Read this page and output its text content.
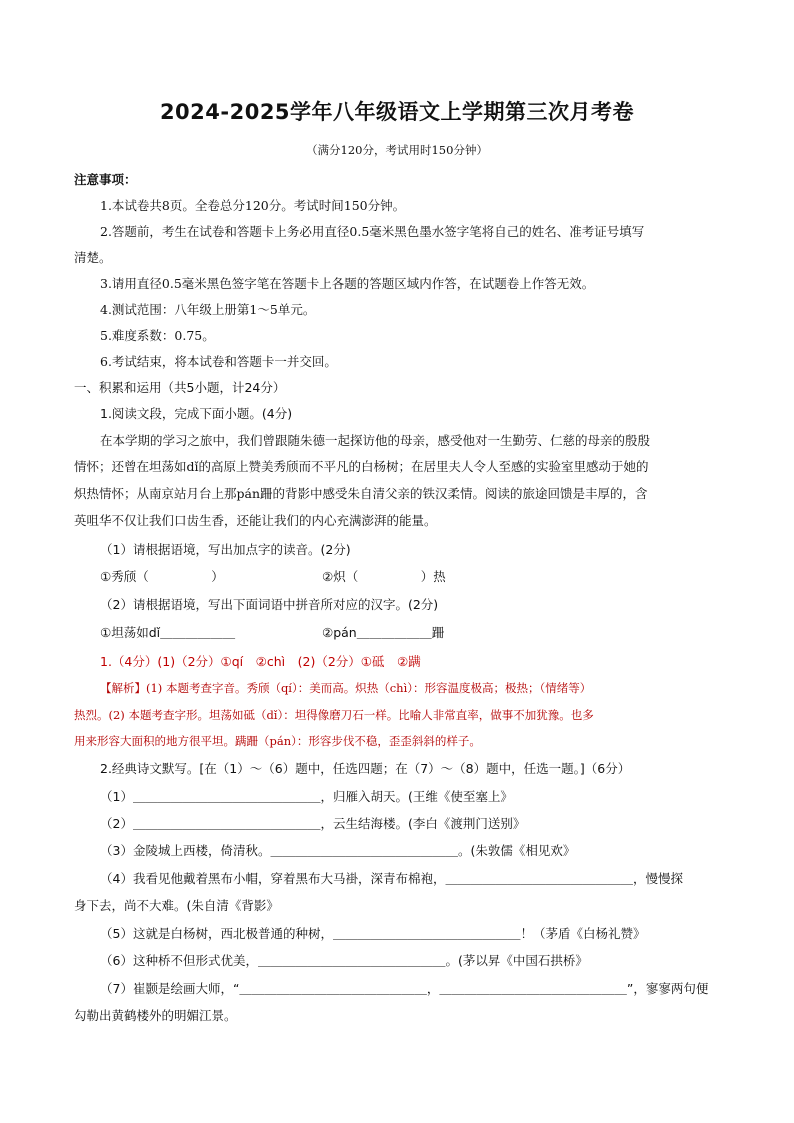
2024-2025学年八年级语文上学期第三次月考卷
（满分120分，考试用时150分钟）
注意事项：
1.本试卷共8页。全卷总分120分。考试时间150分钟。
2.答题前，考生在试卷和答题卡上务必用直径0.5毫米黑色墨水签字笔将自己的姓名、准考证号填写
清楚。
3.请用直径0.5毫米黑色签字笔在答题卡上各题的答题区域内作答，在试题卷上作答无效。
4.测试范围：八年级上册第1～5单元。
5.难度系数：0.75。
6.考试结束，将本试卷和答题卡一并交回。
一、积累和运用（共5小题，计24分）
1.阅读文段，完成下面小题。(4分)
在本学期的学习之旅中，我们曾跟随朱德一起探访他的母亲，感受他对一生勤劳、仁慈的母亲的殷殷
情怀；还曾在坦荡如dǐ的高原上赞美秀颀而不平凡的白杨树；在居里夫人令人至感的实验室里感动于她的
炽热情怀；从南京站月台上那pán跚的背影中感受朱自清父亲的铁汉柔情。阅读的旅途回馈是丰厚的，含
英咀华不仅让我们口齿生香，还能让我们的内心充满澎湃的能量。
（1）请根据语境，写出加点字的读音。(2分)
①秀颀（　　　　　）	②炽（　　　　　）热
（2）请根据语境，写出下面词语中拼音所对应的汉字。(2分)
①坦荡如dǐ＿＿＿＿＿＿	②pán＿＿＿＿＿＿跚
1.（4分）(1)（2分）①qí　②chì　(2)（2分）①砥　②蹒
【解析】(1) 本题考查字音。秀颀（qí）：美而高。炽热（chì）：形容温度极高；极热；（情绪等）
热烈。(2) 本题考查字形。坦荡如砥（dǐ）：坦得像磨刀石一样。比喻人非常直率，做事不加犹豫。也多
用来形容大面积的地方很平坦。蹒跚（pán）：形容步伐不稳，歪歪斜斜的样子。
2.经典诗文默写。[在（1）～（6）题中，任选四题；在（7）～（8）题中，任选一题。]（6分）
（1）＿＿＿＿＿＿＿＿＿＿＿＿＿＿＿，归雁入胡天。(王维《使至塞上》
（2）＿＿＿＿＿＿＿＿＿＿＿＿＿＿＿，云生结海楼。(李白《渡荆门送别》
（3）金陵城上西楼，倚清秋。＿＿＿＿＿＿＿＿＿＿＿＿＿＿＿。(朱敦儒《相见欢》
（4）我看见他戴着黑布小帽，穿着黑布大马褂，深青布棉袍，＿＿＿＿＿＿＿＿＿＿＿＿＿＿＿，慢慢探
身下去，尚不大难。(朱自清《背影》
（5）这就是白杨树，西北极普通的种树，＿＿＿＿＿＿＿＿＿＿＿＿＿＿＿！（茅盾《白杨礼赞》
（6）这种桥不但形式优美，＿＿＿＿＿＿＿＿＿＿＿＿＿＿＿。(茅以昇《中国石拱桥》
（7）崔颢是绘画大师，“＿＿＿＿＿＿＿＿＿＿＿＿＿＿＿，＿＿＿＿＿＿＿＿＿＿＿＿＿＿＿”，寥寥两句便
勾勒出黄鹤楼外的明媚江景。
